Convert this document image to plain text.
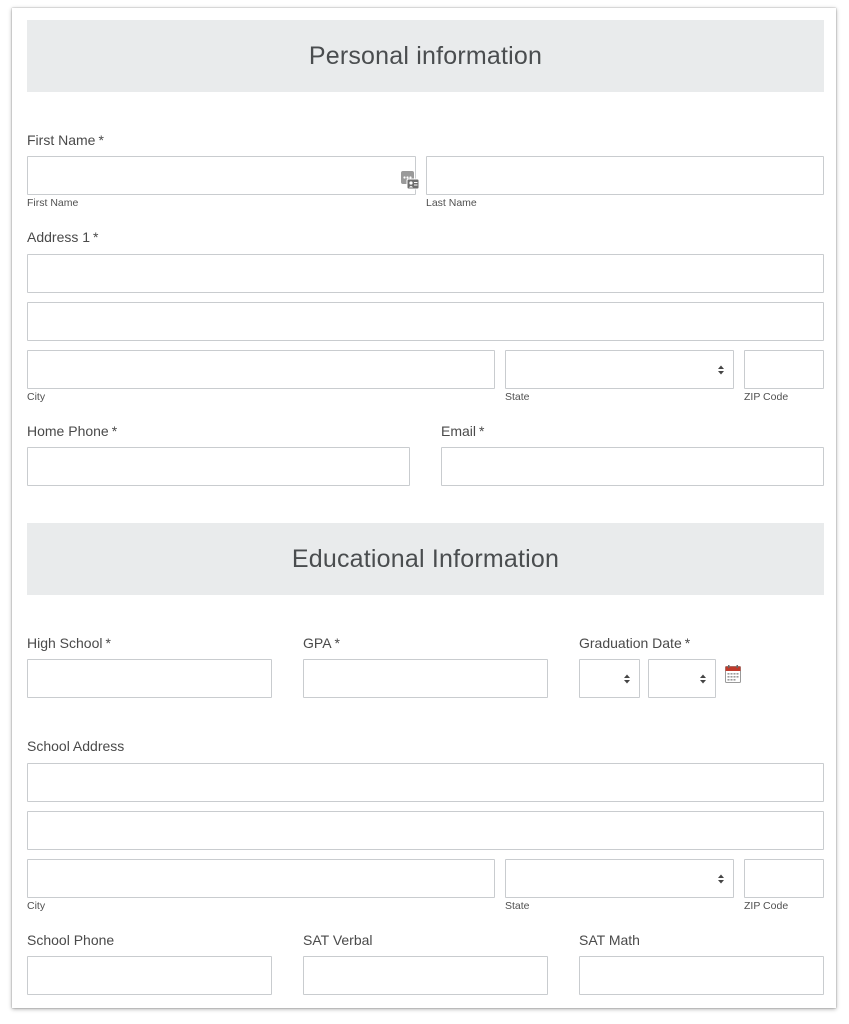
Personal information
First Name *
First Name	Last Name
Address 1 *
City	State	ZIP Code
Home Phone *	Email *
Educational Information
High School *	GPA *	Graduation Date *
School Address
City	State	ZIP Code
School Phone	SAT Verbal	SAT Math
